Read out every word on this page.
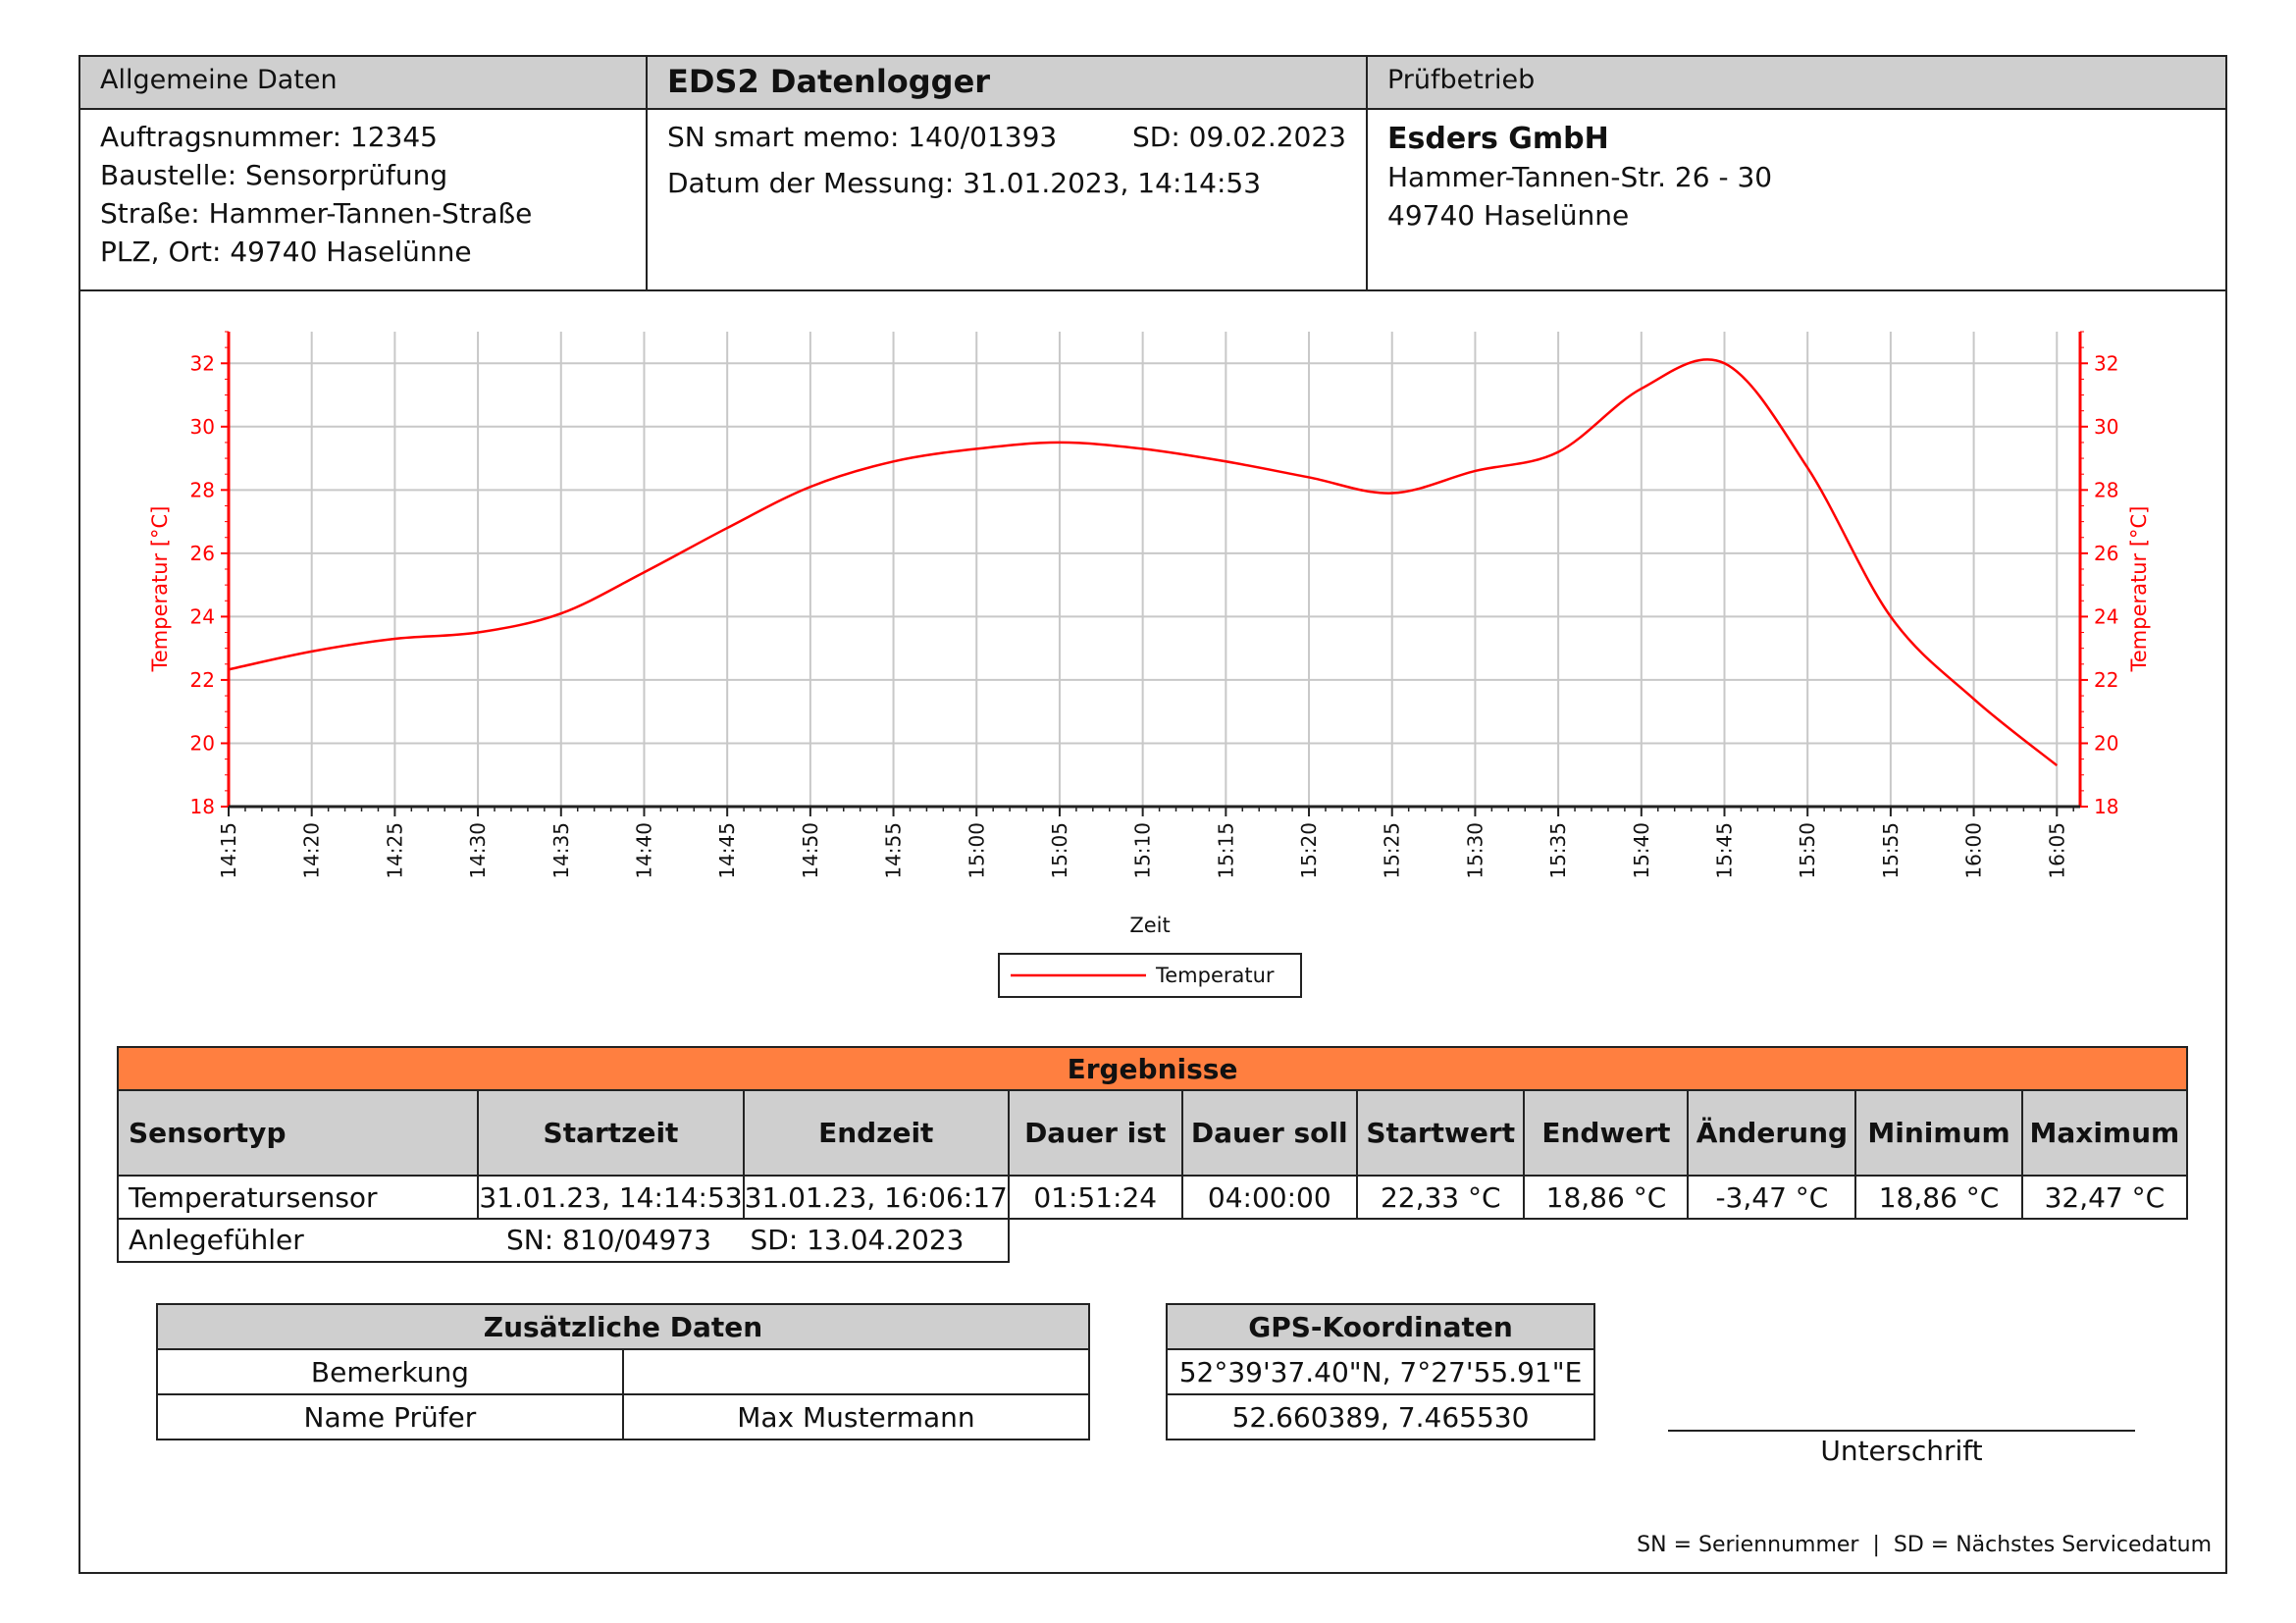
Allgemeine Daten
Auftragsnummer: 12345
Baustelle: Sensorprüfung
Straße: Hammer-Tannen-Straße
PLZ, Ort: 49740 Haselünne
EDS2 Datenlogger
SN smart memo: 140/01393	SD: 09.02.2023
Datum der Messung: 31.01.2023, 14:14:53
Prüfbetrieb
Esders GmbH
Hammer-Tannen-Str. 26 - 30
49740 Haselünne
18	18
20	20
22	22
24	24
26	26
28	28
30	30
32	32
14:15	14:20	14:25	14:30	14:35	14:40	14:45	14:50	14:55	15:00	15:05	15:10	15:15	15:20	15:25	15:30	15:35	15:40	15:45	15:50	15:55	16:00	16:05
Temperatur [°C]	Temperatur [°C]
Zeit
Temperatur
Ergebnisse									
Sensortyp	Startzeit	Endzeit	Dauer ist	Dauer soll	Startwert	Endwert	Änderung	Minimum	Maximum
Temperatursensor	31.01.23, 14:14:53	31.01.23, 16:06:17	01:51:24	04:00:00	22,33 °C	18,86 °C	-3,47 °C	18,86 °C	32,47 °C

Anlegefühler SN: 810/04973 SD: 13.04.2023									

Zusätzliche Daten	
Bemerkung	
Name Prüfer	Max Mustermann
GPS-Koordinaten
52°39'37.40"N, 7°27'55.91"E
52.660389, 7.465530
Unterschrift
SN = Seriennummer  |  SD = Nächstes Servicedatum
